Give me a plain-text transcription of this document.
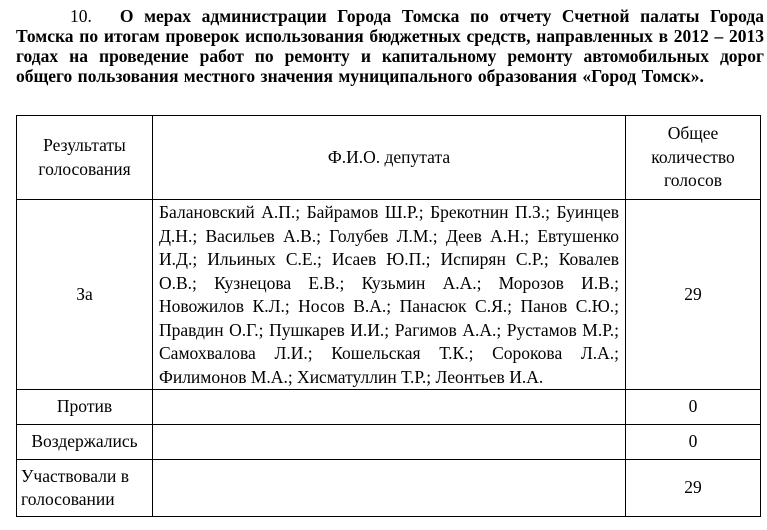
10. О мерах администрации Города Томска по отчету Счетной палаты Города Томска по итогам проверок использования бюджетных средств, направленных в 2012 – 2013 годах на проведение работ по ремонту и капитальному ремонту автомобильных дорог общего пользования местного значения муниципального образования «Город Томск».
Результаты голосования	Ф.И.О. депутата	Общее количество голосов
За	Балановский А.П.; Байрамов Ш.Р.; Брекотнин П.З.; Буинцев Д.Н.; Васильев А.В.; Голубев Л.М.; Деев А.Н.; Евтушенко И.Д.; Ильиных С.Е.; Исаев Ю.П.; Испирян С.Р.; Ковалев О.В.; Кузнецова Е.В.; Кузьмин А.А.; Морозов И.В.; Новожилов К.Л.; Носов В.А.; Панасюк С.Я.; Панов С.Ю.; Правдин О.Г.; Пушкарев И.И.; Рагимов А.А.; Рустамов М.Р.; Самохвалова Л.И.; Кошельская Т.К.; Сорокова Л.А.; Филимонов М.А.; Хисматуллин Т.Р.; Леонтьев И.А.	29
Против		0
Воздержались		0
Участвовали в голосовании		29
